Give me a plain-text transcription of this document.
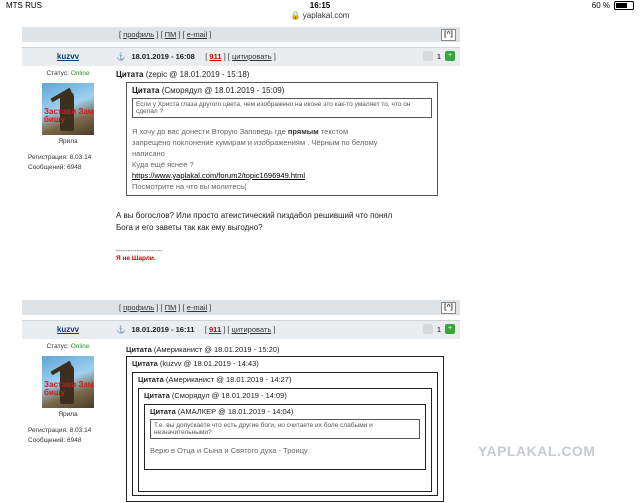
MTS RUS	16:15	60 %
🔒 yaplakal.com
[ профиль ] [ ПМ ] [ e-mail ]	[^]
kuzvv	⚓ 18.01.2019 - 16:08     [ 911 ] [ цитировать ]	1 +
Статус: Online
Застави Зам бишу
Ярила
Регистрация: 8.03.14
Сообщений: 6948
Цитата (zepic @ 18.01.2019 - 15:18)
Цитата (Сморядул @ 18.01.2019 - 15:09)
Если у Христа глаза другого цвета, чем изображено на иконе это как-то умаляет то, что он сделал ?
Я хочу до вас донести Вторую Заповедь где прямым текстом
запрещено поклонение кумирам и изображениям . Чёрным по белому
написано
Куда ещё яснее ?
https://www.yaplakal.com/forum2/topic1696949.html
Посмотрите на что вы молитесь(
А вы богослов? Или просто атеистический пиздабол решивший что понял
Бога и его заветы так как ему выгодно?
--------------------
Я не Шарли.
[ профиль ] [ ПМ ] [ e-mail ]	[^]
kuzvv	⚓ 18.01.2019 - 16:11     [ 911 ] [ цитировать ]	1 +
Статус: Online
Застави Зам бишу
Ярила
Регистрация: 8.03.14
Сообщений: 6948
Цитата (Американист @ 18.01.2019 - 15:20)
Цитата (kuzvv @ 18.01.2019 - 14:43)
Цитата (Американист @ 18.01.2019 - 14:27)
Цитата (Сморядул @ 18.01.2019 - 14:09)
Цитата (АМАЛКЕР @ 18.01.2019 - 14:04)
Т.е. вы допускаете что есть другие боги, но считаете их боле слабыми и незначительными?
Верю в Отца и Сына и Святого духа - Троицу	YAPLAKAL.COM
